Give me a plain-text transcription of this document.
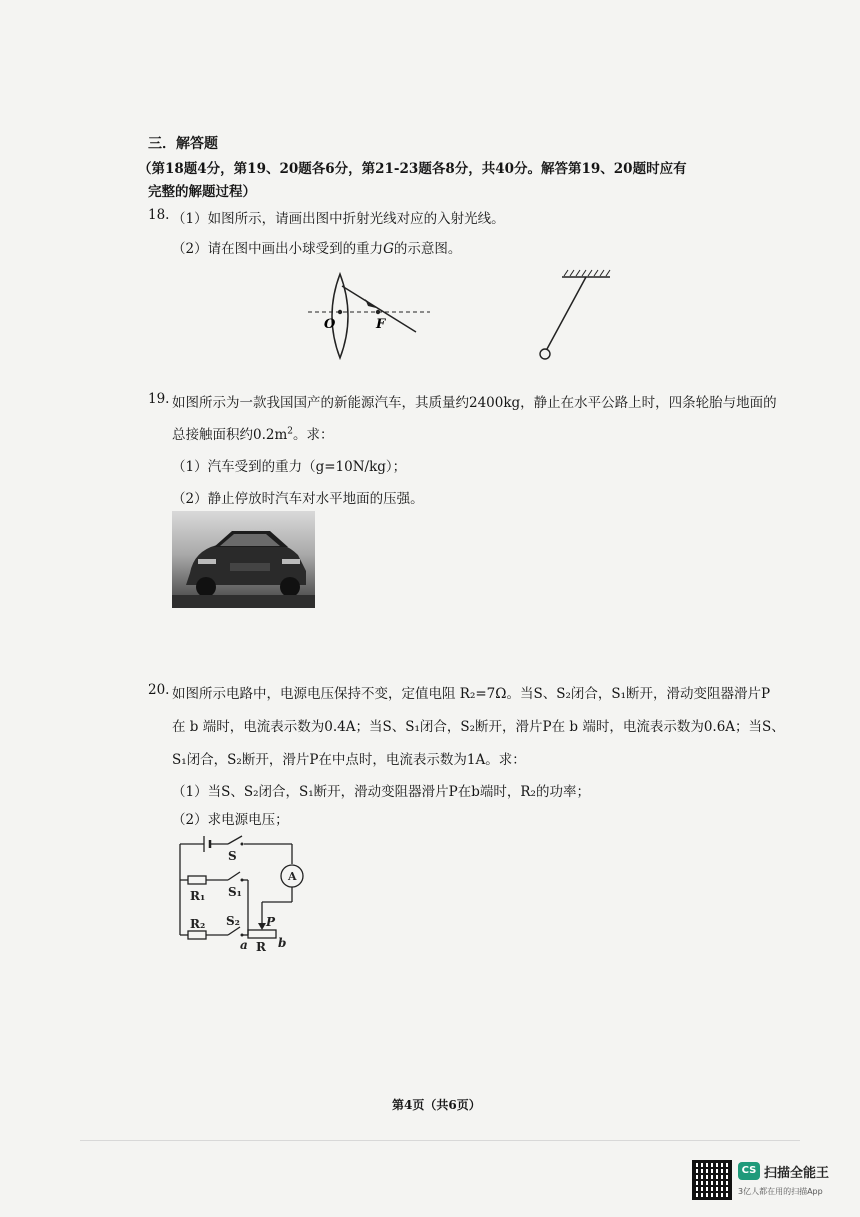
三．解答题
（第18题4分，第19、20题各6分，第21-23题各8分，共40分。解答第19、20题时应有
完整的解题过程）
18. （1）如图所示，请画出图中折射光线对应的入射光线。
（2）请在图中画出小球受到的重力G的示意图。
O	F
19. 如图所示为一款我国国产的新能源汽车，其质量约2400kg，静止在水平公路上时，四条轮胎与地面的
总接触面积约$0.2m^2$。求：
（1）汽车受到的重力（g=10N/kg）；
（2）静止停放时汽车对水平地面的压强。
20. 如图所示电路中，电源电压保持不变，定值电阻 R₂=7Ω。当S、S₂闭合，S₁断开，滑动变阻器滑片P
在 b 端时，电流表示数为0.4A；当S、S₁闭合，S₂断开，滑片P在 b 端时，电流表示数为0.6A；当S、
S₁闭合，S₂断开，滑片P在中点时，电流表示数为1A。求：
（1）当S、S₂闭合，S₁断开，滑动变阻器滑片P在b端时，R₂的功率；
（2）求电源电压；
S
S₁
S₂
R₁
R₂
R
A
P
a	b
第4页（共6页）
CS 扫描全能王
3亿人都在用的扫描App
